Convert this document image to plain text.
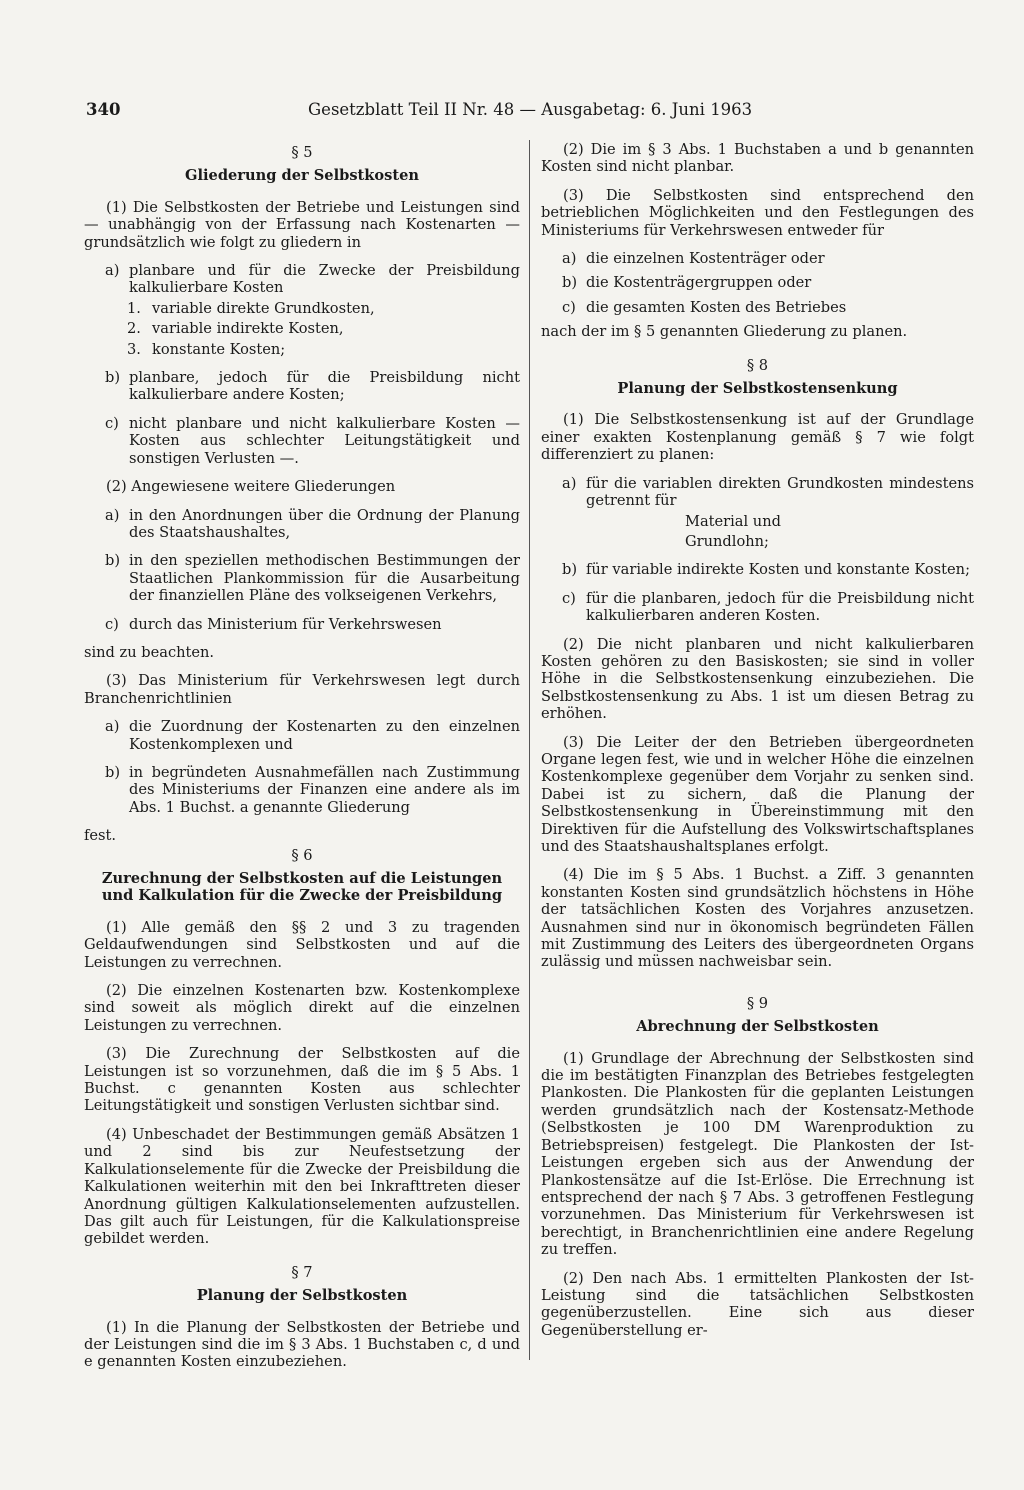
340	Gesetzblatt Teil II Nr. 48 — Ausgabetag: 6. Juni 1963
§ 5
Gliederung der Selbstkosten

(1) Die Selbstkosten der Betriebe und Leistungen sind — unabhängig von der Erfassung nach Kostenarten — grundsätzlich wie folgt zu gliedern in

a) planbare und für die Zwecke der Preisbildung kalkulierbare Kosten
1. variable direkte Grundkosten,
2. variable indirekte Kosten,
3. konstante Kosten;
b) planbare, jedoch für die Preisbildung nicht kalkulierbare andere Kosten;
c) nicht planbare und nicht kalkulierbare Kosten — Kosten aus schlechter Leitungstätigkeit und sonstigen Verlusten —.

(2) Angewiesene weitere Gliederungen

a) in den Anordnungen über die Ordnung der Planung des Staatshaushaltes,
b) in den speziellen methodischen Bestimmungen der Staatlichen Plankommission für die Ausarbeitung der finanziellen Pläne des volkseigenen Verkehrs,
c) durch das Ministerium für Verkehrswesen

sind zu beachten.

(3) Das Ministerium für Verkehrswesen legt durch Branchenrichtlinien

a) die Zuordnung der Kostenarten zu den einzelnen Kostenkomplexen und
b) in begründeten Ausnahmefällen nach Zustimmung des Ministeriums der Finanzen eine andere als im Abs. 1 Buchst. a genannte Gliederung

fest.

§ 6
Zurechnung der Selbstkosten auf die Leistungen und Kalkulation für die Zwecke der Preisbildung

(1) Alle gemäß den §§ 2 und 3 zu tragenden Geldaufwendungen sind Selbstkosten und auf die Leistungen zu verrechnen.

(2) Die einzelnen Kostenarten bzw. Kostenkomplexe sind soweit als möglich direkt auf die einzelnen Leistungen zu verrechnen.

(3) Die Zurechnung der Selbstkosten auf die Leistungen ist so vorzunehmen, daß die im § 5 Abs. 1 Buchst. c genannten Kosten aus schlechter Leitungstätigkeit und sonstigen Verlusten sichtbar sind.

(4) Unbeschadet der Bestimmungen gemäß Absätzen 1 und 2 sind bis zur Neufestsetzung der Kalkulationselemente für die Zwecke der Preisbildung die Kalkulationen weiterhin mit den bei Inkrafttreten dieser Anordnung gültigen Kalkulationselementen aufzustellen. Das gilt auch für Leistungen, für die Kalkulationspreise gebildet werden.

§ 7
Planung der Selbstkosten

(1) In die Planung der Selbstkosten der Betriebe und der Leistungen sind die im § 3 Abs. 1 Buchstaben c, d und e genannten Kosten einzubeziehen.

(2) Die im § 3 Abs. 1 Buchstaben a und b genannten Kosten sind nicht planbar.

(3) Die Selbstkosten sind entsprechend den betrieblichen Möglichkeiten und den Festlegungen des Ministeriums für Verkehrswesen entweder für

a) die einzelnen Kostenträger oder
b) die Kostenträgergruppen oder
c) die gesamten Kosten des Betriebes

nach der im § 5 genannten Gliederung zu planen.

§ 8
Planung der Selbstkostensenkung

(1) Die Selbstkostensenkung ist auf der Grundlage einer exakten Kostenplanung gemäß § 7 wie folgt differenziert zu planen:

a) für die variablen direkten Grundkosten mindestens getrennt für
Material und
Grundlohn;
b) für variable indirekte Kosten und konstante Kosten;
c) für die planbaren, jedoch für die Preisbildung nicht kalkulierbaren anderen Kosten.

(2) Die nicht planbaren und nicht kalkulierbaren Kosten gehören zu den Basiskosten; sie sind in voller Höhe in die Selbstkostensenkung einzubeziehen. Die Selbstkostensenkung zu Abs. 1 ist um diesen Betrag zu erhöhen.

(3) Die Leiter der den Betrieben übergeordneten Organe legen fest, wie und in welcher Höhe die einzelnen Kostenkomplexe gegenüber dem Vorjahr zu senken sind. Dabei ist zu sichern, daß die Planung der Selbstkostensenkung in Übereinstimmung mit den Direktiven für die Aufstellung des Volkswirtschaftsplanes und des Staatshaushaltsplanes erfolgt.

(4) Die im § 5 Abs. 1 Buchst. a Ziff. 3 genannten konstanten Kosten sind grundsätzlich höchstens in Höhe der tatsächlichen Kosten des Vorjahres anzusetzen. Ausnahmen sind nur in ökonomisch begründeten Fällen mit Zustimmung des Leiters des übergeordneten Organs zulässig und müssen nachweisbar sein.

§ 9
Abrechnung der Selbstkosten

(1) Grundlage der Abrechnung der Selbstkosten sind die im bestätigten Finanzplan des Betriebes festgelegten Plankosten. Die Plankosten für die geplanten Leistungen werden grundsätzlich nach der Kostensatz-Methode (Selbstkosten je 100 DM Warenproduktion zu Betriebspreisen) festgelegt. Die Plankosten der Ist-Leistungen ergeben sich aus der Anwendung der Plankostensätze auf die Ist-Erlöse. Die Errechnung ist entsprechend der nach § 7 Abs. 3 getroffenen Festlegung vorzunehmen. Das Ministerium für Verkehrswesen ist berechtigt, in Branchenrichtlinien eine andere Regelung zu treffen.

(2) Den nach Abs. 1 ermittelten Plankosten der Ist-Leistung sind die tatsächlichen Selbstkosten gegenüberzustellen. Eine sich aus dieser Gegenüberstellung er-
